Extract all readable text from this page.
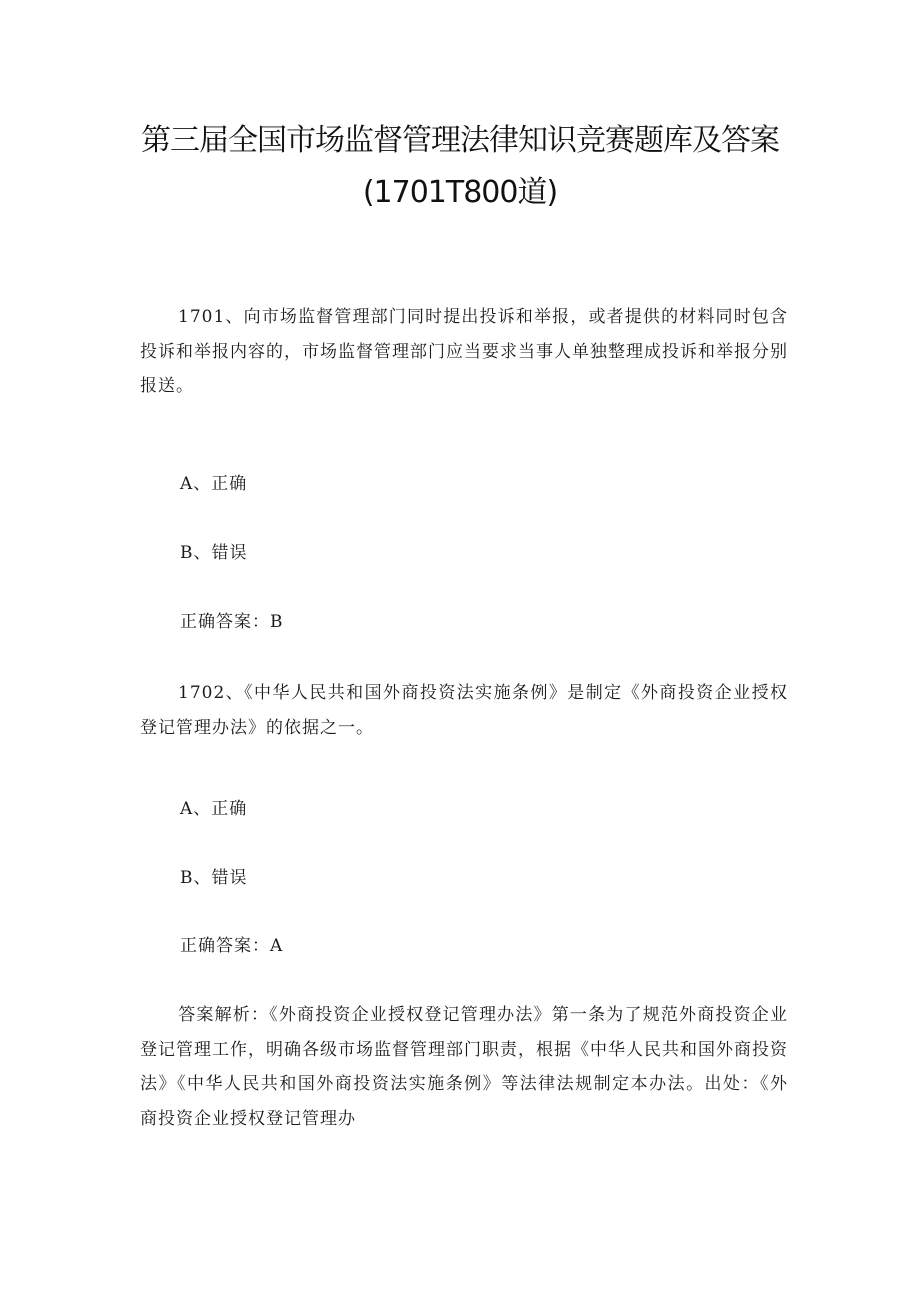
第三届全国市场监督管理法律知识竞赛题库及答案
(1701T800道)
1701、向市场监督管理部门同时提出投诉和举报，或者提供的材料同时包含投诉和举报内容的，市场监督管理部门应当要求当事人单独整理成投诉和举报分别报送。
A、正确
B、错误
正确答案：B
1702、《中华人民共和国外商投资法实施条例》是制定《外商投资企业授权登记管理办法》的依据之一。
A、正确
B、错误
正确答案：A
答案解析：《外商投资企业授权登记管理办法》第一条为了规范外商投资企业登记管理工作，明确各级市场监督管理部门职责，根据《中华人民共和国外商投资法》《中华人民共和国外商投资法实施条例》等法律法规制定本办法。出处：《外商投资企业授权登记管理办
